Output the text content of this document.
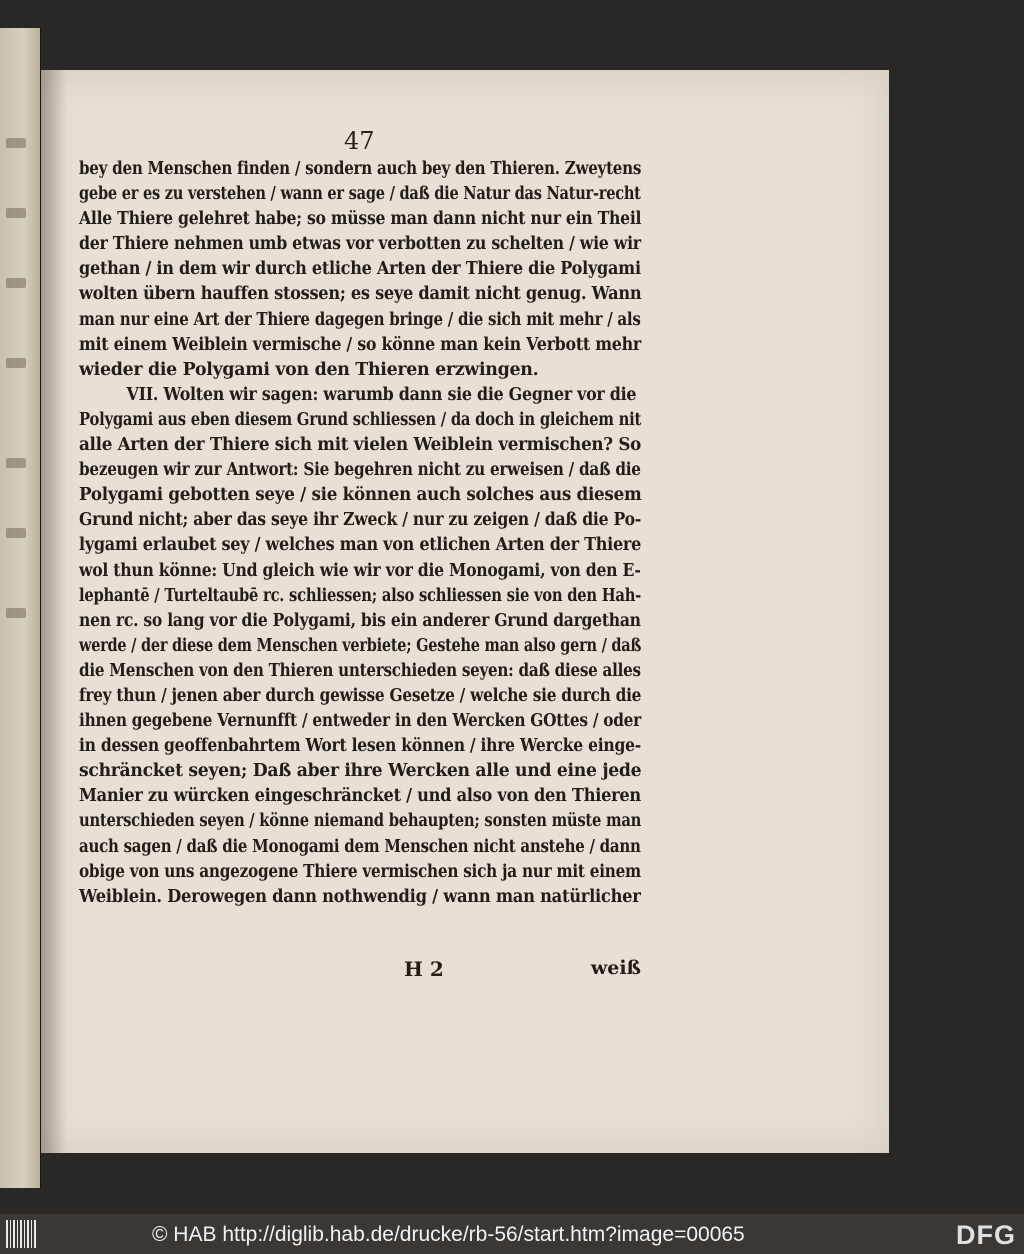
47
bey den Menschen finden / sondern auch bey den Thieren. Zweytens
gebe er es zu verstehen / wann er sage / daß die Natur das Natur-recht
Alle Thiere gelehret habe; so müsse man dann nicht nur ein Theil
der Thiere nehmen umb etwas vor verbotten zu schelten / wie wir
gethan / in dem wir durch etliche Arten der Thiere die Polygami
wolten übern hauffen stossen; es seye damit nicht genug. Wann
man nur eine Art der Thiere dagegen bringe / die sich mit mehr / als
mit einem Weiblein vermische / so könne man kein Verbott mehr
wieder die Polygami von den Thieren erzwingen.
VII. Wolten wir sagen: warumb dann sie die Gegner vor die
Polygami aus eben diesem Grund schliessen / da doch in gleichem nit
alle Arten der Thiere sich mit vielen Weiblein vermischen? So
bezeugen wir zur Antwort: Sie begehren nicht zu erweisen / daß die
Polygami gebotten seye / sie können auch solches aus diesem
Grund nicht; aber das seye ihr Zweck / nur zu zeigen / daß die Po-
lygami erlaubet sey / welches man von etlichen Arten der Thiere
wol thun könne: Und gleich wie wir vor die Monogami, von den E-
lephantē / Turteltaubē rc. schliessen; also schliessen sie von den Hah-
nen rc. so lang vor die Polygami, bis ein anderer Grund dargethan
werde / der diese dem Menschen verbiete; Gestehe man also gern / daß
die Menschen von den Thieren unterschieden seyen: daß diese alles
frey thun / jenen aber durch gewisse Gesetze / welche sie durch die
ihnen gegebene Vernunfft / entweder in den Wercken GOttes / oder
in dessen geoffenbahrtem Wort lesen können / ihre Wercke einge-
schräncket seyen; Daß aber ihre Wercken alle und eine jede
Manier zu würcken eingeschräncket / und also von den Thieren
unterschieden seyen / könne niemand behaupten; sonsten müste man
auch sagen / daß die Monogami dem Menschen nicht anstehe / dann
obige von uns angezogene Thiere vermischen sich ja nur mit einem
Weiblein. Derowegen dann nothwendig / wann man natürlicher
H 2	weiß
© HAB http://diglib.hab.de/drucke/rb-56/start.htm?image=00065	DFG
